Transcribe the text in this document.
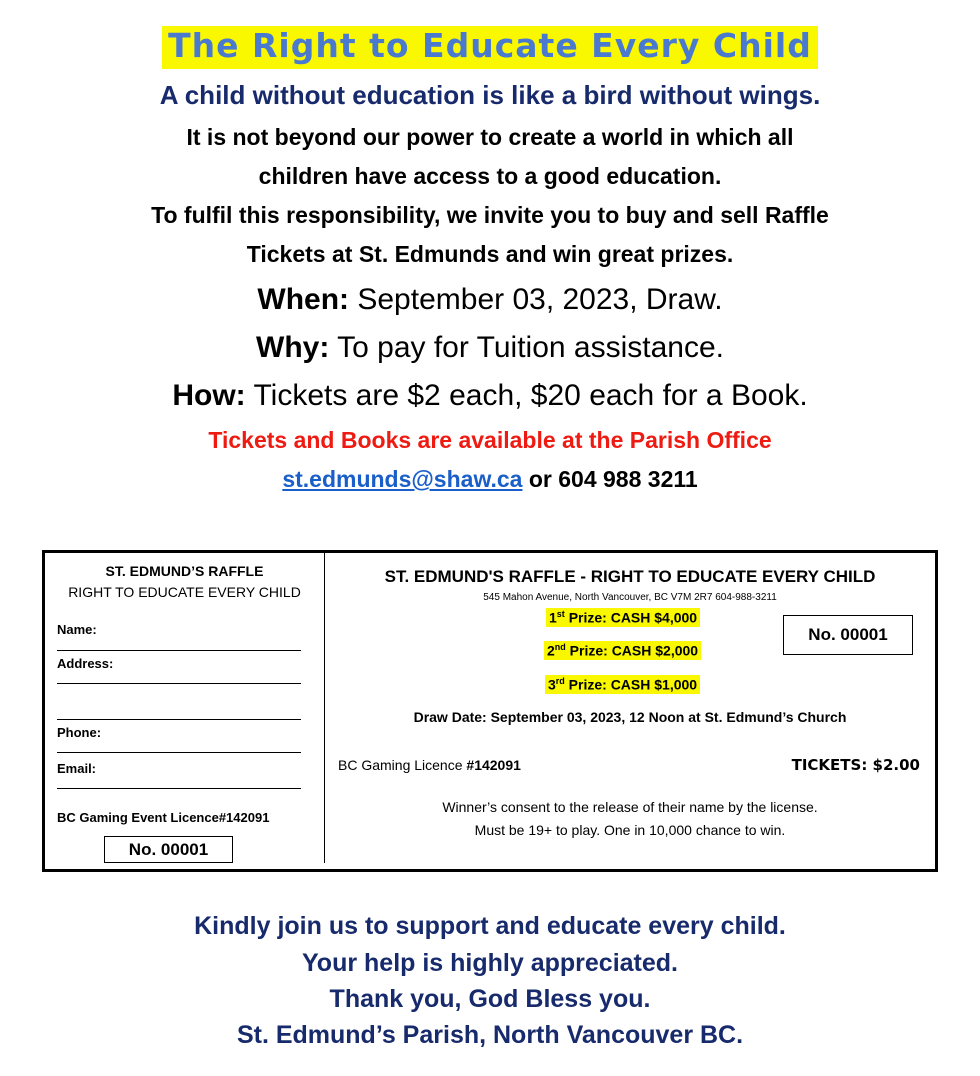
The Right to Educate Every Child
A child without education is like a bird without wings.
It is not beyond our power to create a world in which all
children have access to a good education.
To fulfil this responsibility, we invite you to buy and sell Raffle
Tickets at St. Edmunds and win great prizes.
When: September 03, 2023, Draw.
Why: To pay for Tuition assistance.
How: Tickets are $2 each, $20 each for a Book.
Tickets and Books are available at the Parish Office
st.edmunds@shaw.ca or 604 988 3211
ST. EDMUND’S RAFFLE
RIGHT TO EDUCATE EVERY CHILD
Name:
Address:
Phone:
Email:
BC Gaming Event Licence#142091
No. 00001
ST. EDMUND'S RAFFLE - RIGHT TO EDUCATE EVERY CHILD
545 Mahon Avenue, North Vancouver, BC V7M 2R7 604-988-3211
1st Prize: CASH $4,000
2nd Prize: CASH $2,000
3rd Prize: CASH $1,000
No. 00001
Draw Date: September 03, 2023, 12 Noon at St. Edmund’s Church
BC Gaming Licence #142091	TICKETS: $2.00
Winner’s consent to the release of their name by the license.
Must be 19+ to play. One in 10,000 chance to win.
Kindly join us to support and educate every child.
Your help is highly appreciated.
Thank you, God Bless you.
St. Edmund’s Parish, North Vancouver BC.
